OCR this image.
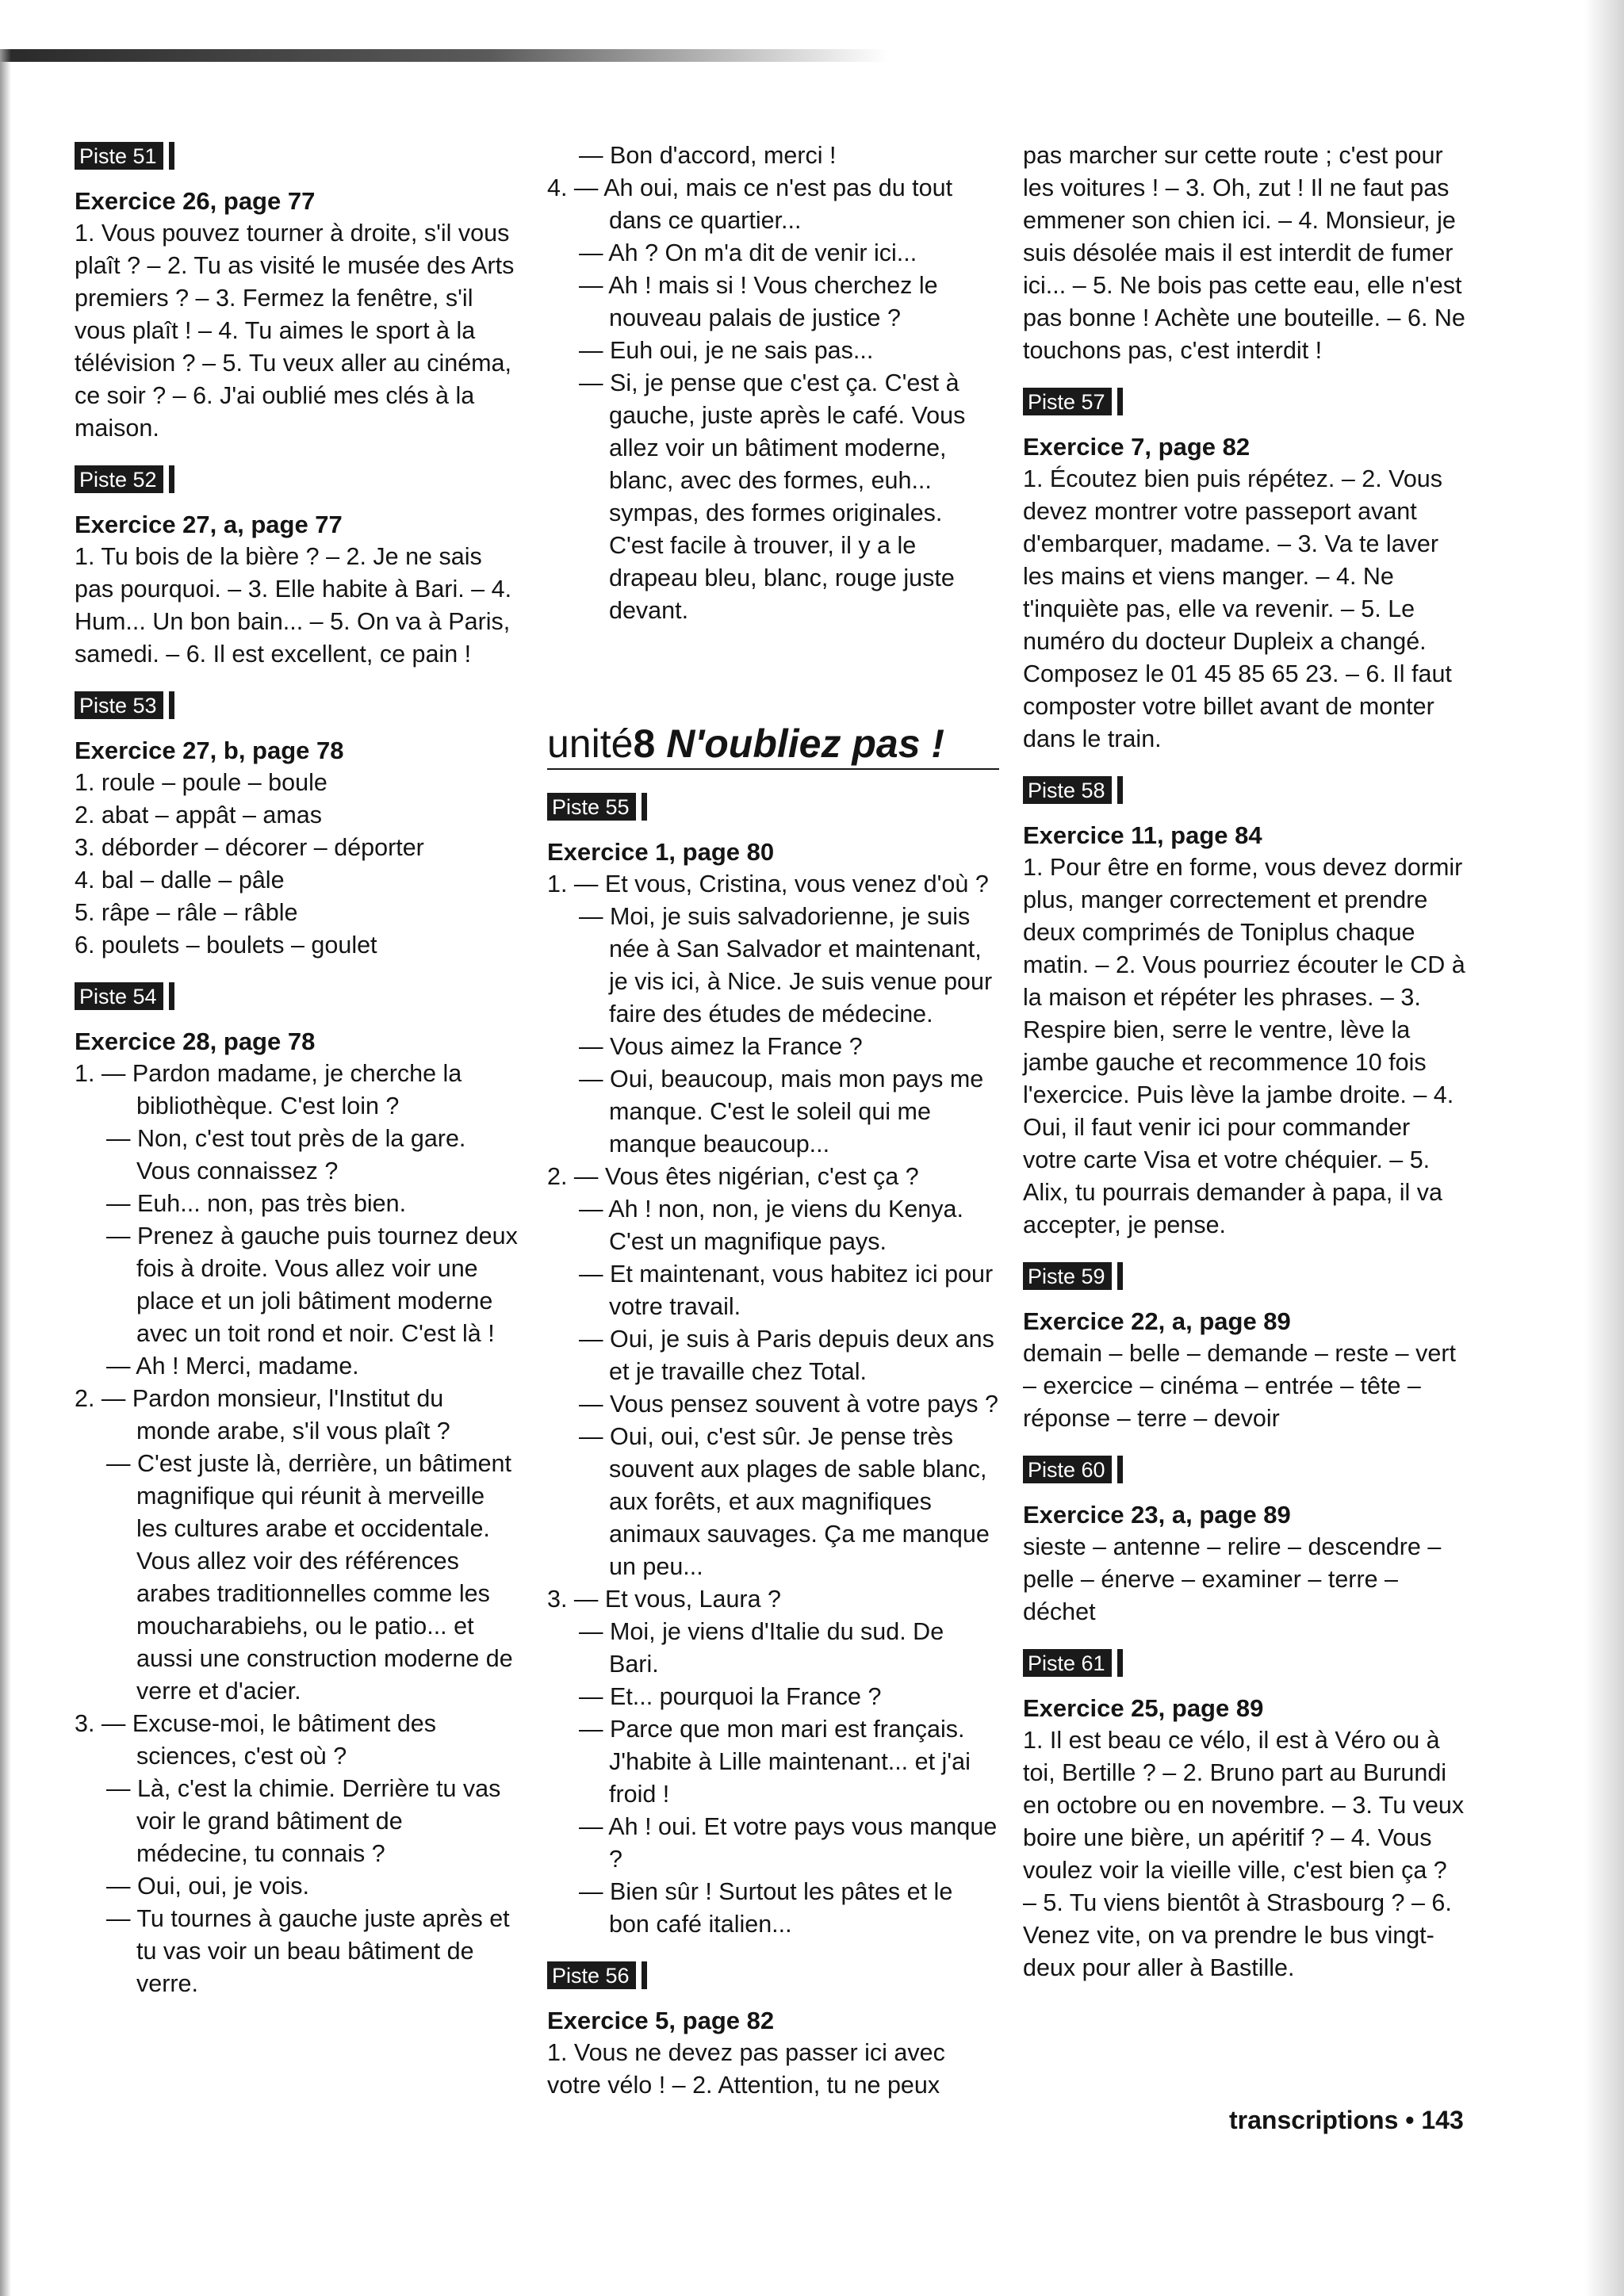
Piste 51
Exercice 26, page 77

1. Vous pouvez tourner à droite, s'il vous plaît ? – 2. Tu as visité le musée des Arts premiers ? – 3. Fermez la fenêtre, s'il vous plaît ! – 4. Tu aimes le sport à la télévision ? – 5. Tu veux aller au cinéma, ce soir ? – 6. J'ai oublié mes clés à la maison.

Piste 52
Exercice 27, a, page 77

1. Tu bois de la bière ? – 2. Je ne sais pas pourquoi. – 3. Elle habite à Bari. – 4. Hum... Un bon bain... – 5. On va à Paris, samedi. – 6. Il est excellent, ce pain !

Piste 53
Exercice 27, b, page 78

1. roule – poule – boule

2. abat – appât – amas

3. déborder – décorer – déporter

4. bal – dalle – pâle

5. râpe – râle – râble

6. poulets – boulets – goulet

Piste 54
Exercice 28, page 78

1. — Pardon madame, je cherche la bibliothèque. C'est loin ?

— Non, c'est tout près de la gare. Vous connaissez ?

— Euh... non, pas très bien.

— Prenez à gauche puis tournez deux fois à droite. Vous allez voir une place et un joli bâtiment moderne avec un toit rond et noir. C'est là !

— Ah ! Merci, madame.

2. — Pardon monsieur, l'Institut du monde arabe, s'il vous plaît ?

— C'est juste là, derrière, un bâtiment magnifique qui réunit à merveille les cultures arabe et occidentale. Vous allez voir des références arabes traditionnelles comme les moucharabiehs, ou le patio... et aussi une construction moderne de verre et d'acier.

3. — Excuse-moi, le bâtiment des sciences, c'est où ?

— Là, c'est la chimie. Derrière tu vas voir le grand bâtiment de médecine, tu connais ?

— Oui, oui, je vois.

— Tu tournes à gauche juste après et tu vas voir un beau bâtiment de verre.

— Bon d'accord, merci !

4. — Ah oui, mais ce n'est pas du tout dans ce quartier...

— Ah ? On m'a dit de venir ici...

— Ah ! mais si ! Vous cherchez le nouveau palais de justice ?

— Euh oui, je ne sais pas...

— Si, je pense que c'est ça. C'est à gauche, juste après le café. Vous allez voir un bâtiment moderne, blanc, avec des formes, euh... sympas, des formes originales. C'est facile à trouver, il y a le drapeau bleu, blanc, rouge juste devant.

unité8 N'oubliez pas !
Piste 55
Exercice 1, page 80

1. — Et vous, Cristina, vous venez d'où ?

— Moi, je suis salvadorienne, je suis née à San Salvador et maintenant, je vis ici, à Nice. Je suis venue pour faire des études de médecine.

— Vous aimez la France ?

— Oui, beaucoup, mais mon pays me manque. C'est le soleil qui me manque beaucoup...

2. — Vous êtes nigérian, c'est ça ?

— Ah ! non, non, je viens du Kenya. C'est un magnifique pays.

— Et maintenant, vous habitez ici pour votre travail.

— Oui, je suis à Paris depuis deux ans et je travaille chez Total.

— Vous pensez souvent à votre pays ?

— Oui, oui, c'est sûr. Je pense très souvent aux plages de sable blanc, aux forêts, et aux magnifiques animaux sauvages. Ça me manque un peu...

3. — Et vous, Laura ?

— Moi, je viens d'Italie du sud. De Bari.

— Et... pourquoi la France ?

— Parce que mon mari est français. J'habite à Lille maintenant... et j'ai froid !

— Ah ! oui. Et votre pays vous manque ?

— Bien sûr ! Surtout les pâtes et le bon café italien...

Piste 56
Exercice 5, page 82

1. Vous ne devez pas passer ici avec votre vélo ! – 2. Attention, tu ne peux

pas marcher sur cette route ; c'est pour les voitures ! – 3. Oh, zut ! Il ne faut pas emmener son chien ici. – 4. Monsieur, je suis désolée mais il est interdit de fumer ici... – 5. Ne bois pas cette eau, elle n'est pas bonne ! Achète une bouteille. – 6. Ne touchons pas, c'est interdit !

Piste 57
Exercice 7, page 82

1. Écoutez bien puis répétez. – 2. Vous devez montrer votre passeport avant d'embarquer, madame. – 3. Va te laver les mains et viens manger. – 4. Ne t'inquiète pas, elle va revenir. – 5. Le numéro du docteur Dupleix a changé. Composez le 01 45 85 65 23. – 6. Il faut composter votre billet avant de monter dans le train.

Piste 58
Exercice 11, page 84

1. Pour être en forme, vous devez dormir plus, manger correctement et prendre deux comprimés de Toniplus chaque matin. – 2. Vous pourriez écouter le CD à la maison et répéter les phrases. – 3. Respire bien, serre le ventre, lève la jambe gauche et recommence 10 fois l'exercice. Puis lève la jambe droite. – 4. Oui, il faut venir ici pour commander votre carte Visa et votre chéquier. – 5. Alix, tu pourrais demander à papa, il va accepter, je pense.

Piste 59
Exercice 22, a, page 89

demain – belle – demande – reste – vert – exercice – cinéma – entrée – tête – réponse – terre – devoir

Piste 60
Exercice 23, a, page 89

sieste – antenne – relire – descendre – pelle – énerve – examiner – terre – déchet

Piste 61
Exercice 25, page 89

1. Il est beau ce vélo, il est à Véro ou à toi, Bertille ? – 2. Bruno part au Burundi en octobre ou en novembre. – 3. Tu veux boire une bière, un apéritif ? – 4. Vous voulez voir la vieille ville, c'est bien ça ? – 5. Tu viens bientôt à Strasbourg ? – 6. Venez vite, on va prendre le bus vingt-deux pour aller à Bastille.

transcriptions • 143
